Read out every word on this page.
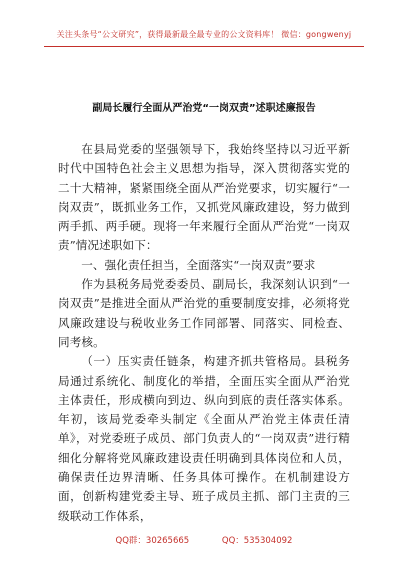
关注头条号“公文研究”，获得最新最全最专业的公文资料库！ 微信：gongwenyj
副局长履行全面从严治党“一岗双责”述职述廉报告

在县局党委的坚强领导下，我始终坚持以习近平新时代中国特色社会主义思想为指导，深入贯彻落实党的二十大精神，紧紧围绕全面从严治党要求，切实履行“一岗双责”，既抓业务工作，又抓党风廉政建设，努力做到两手抓、两手硬。现将一年来履行全面从严治党“一岗双责”情况述职如下：

一、强化责任担当，全面落实“一岗双责”要求

作为县税务局党委委员、副局长，我深刻认识到“一岗双责”是推进全面从严治党的重要制度安排，必须将党风廉政建设与税收业务工作同部署、同落实、同检查、同考核。

（一）压实责任链条，构建齐抓共管格局。县税务局通过系统化、制度化的举措，全面压实全面从严治党主体责任，形成横向到边、纵向到底的责任落实体系。年初，该局党委牵头制定《全面从严治党主体责任清单》，对党委班子成员、部门负责人的“一岗双责”进行精细化分解将党风廉政建设责任明确到具体岗位和人员，确保责任边界清晰、任务具体可操作。在机制建设方面，创新构建党委主导、班子成员主抓、部门主责的三级联动工作体系，

QQ群：30265665	QQ：535304092
